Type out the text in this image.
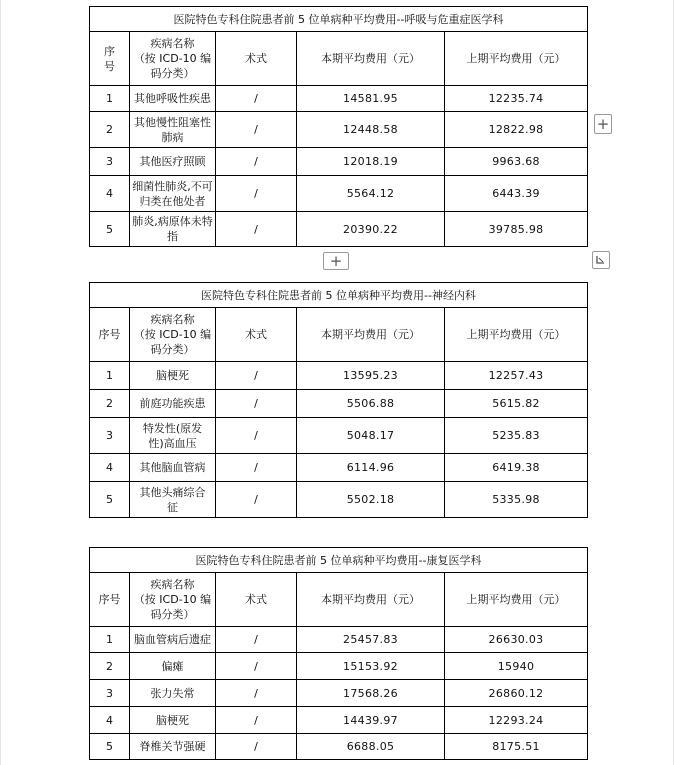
医院特色专科住院患者前 5 位单病种平均费用--呼吸与危重症医学科				
序
号	疾病名称
（按 ICD-10 编
码分类）	术式	本期平均费用（元）	上期平均费用（元）
1	其他呼吸性疾患	/	14581.95	12235.74
2	其他慢性阻塞性
肺病	/	12448.58	12822.98
3	其他医疗照顾	/	12018.19	9963.68
4	细菌性肺炎,不可
归类在他处者	/	5564.12	6443.39
5	肺炎,病原体未特
指	/	20390.22	39785.98
医院特色专科住院患者前 5 位单病种平均费用--神经内科				
序号	疾病名称
（按 ICD-10 编
码分类）	术式	本期平均费用（元）	上期平均费用（元）
1	脑梗死	/	13595.23	12257.43
2	前庭功能疾患	/	5506.88	5615.82
3	特发性(原发
性)高血压	/	5048.17	5235.83
4	其他脑血管病	/	6114.96	6419.38
5	其他头痛综合
征	/	5502.18	5335.98
医院特色专科住院患者前 5 位单病种平均费用--康复医学科				
序号	疾病名称
（按 ICD-10 编
码分类）	术式	本期平均费用（元）	上期平均费用（元）
1	脑血管病后遗症	/	25457.83	26630.03
2	偏瘫	/	15153.92	15940
3	张力失常	/	17568.26	26860.12
4	脑梗死	/	14439.97	12293.24
5	脊椎关节强硬	/	6688.05	8175.51
+
+
